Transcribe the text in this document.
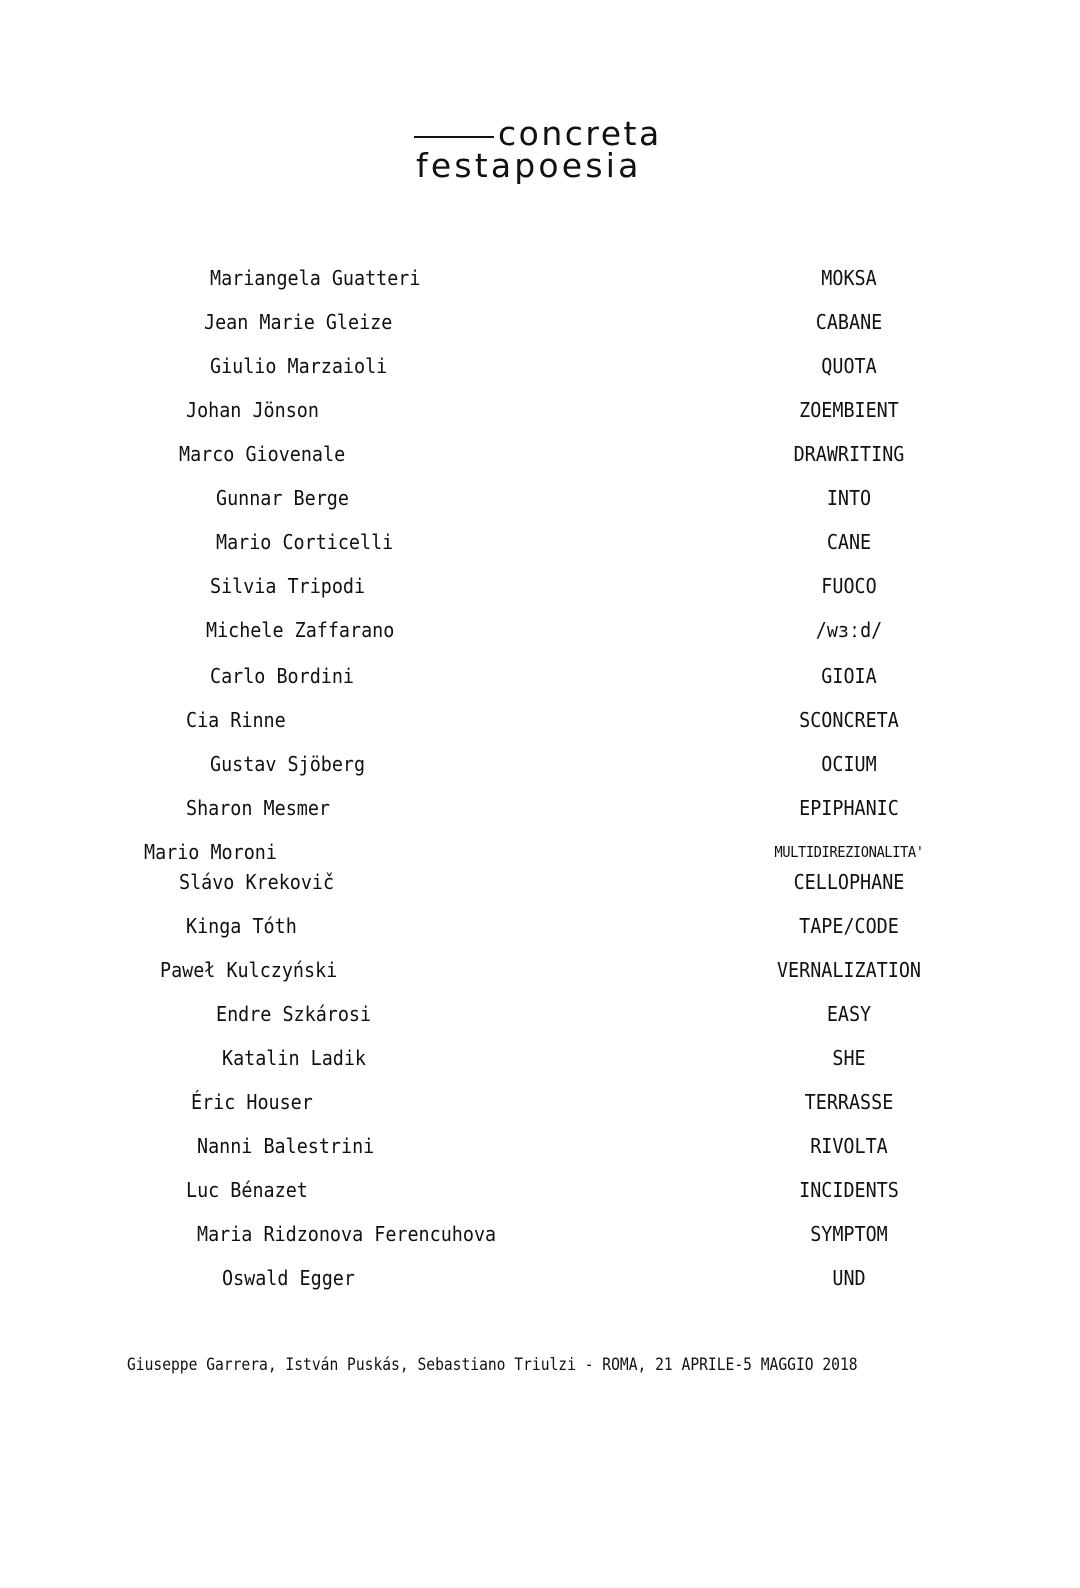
concreta
festapoesia
Mariangela Guatteri	MOKSA
Jean Marie Gleize	CABANE
Giulio Marzaioli	QUOTA
Johan Jönson	ZOEMBIENT
Marco Giovenale	DRAWRITING
Gunnar Berge	INTO
Mario Corticelli	CANE
Silvia Tripodi	FUOCO
Michele Zaffarano	/wɜːd/
Carlo Bordini	GIOIA
Cia Rinne	SCONCRETA
Gustav Sjöberg	OCIUM
Sharon Mesmer	EPIPHANIC
Mario Moroni	MULTIDIREZIONALITA'
Slávo Krekovič	CELLOPHANE
Kinga Tóth	TAPE/CODE
Paweł Kulczyński	VERNALIZATION
Endre Szkárosi	EASY
Katalin Ladik	SHE
Éric Houser	TERRASSE
Nanni Balestrini	RIVOLTA
Luc Bénazet	INCIDENTS
Maria Ridzonova Ferencuhova	SYMPTOM
Oswald Egger	UND
Giuseppe Garrera, István Puskás, Sebastiano Triulzi - ROMA, 21 APRILE-5 MAGGIO 2018
